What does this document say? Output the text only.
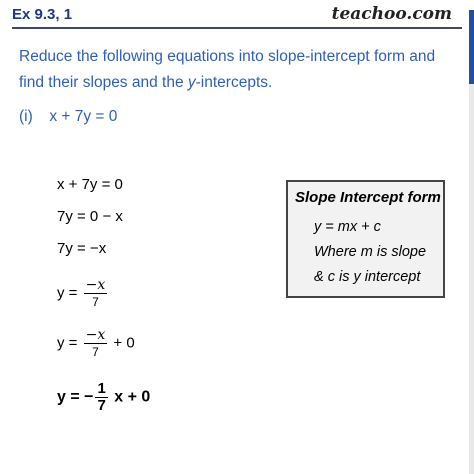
Ex 9.3, 1	teachoo.com
Reduce the following equations into slope-intercept form and find their slopes and the y-intercepts.
(i) x + 7y = 0
x + 7y = 0
7y = 0 − x
7y = −x
$y = \frac{-x}{7}$
$y = \frac{-x}{7} + 0$
y = − $\frac{1}{7}$ x + 0
Slope Intercept form
y = mx + c
Where m is slope
& c is y intercept
